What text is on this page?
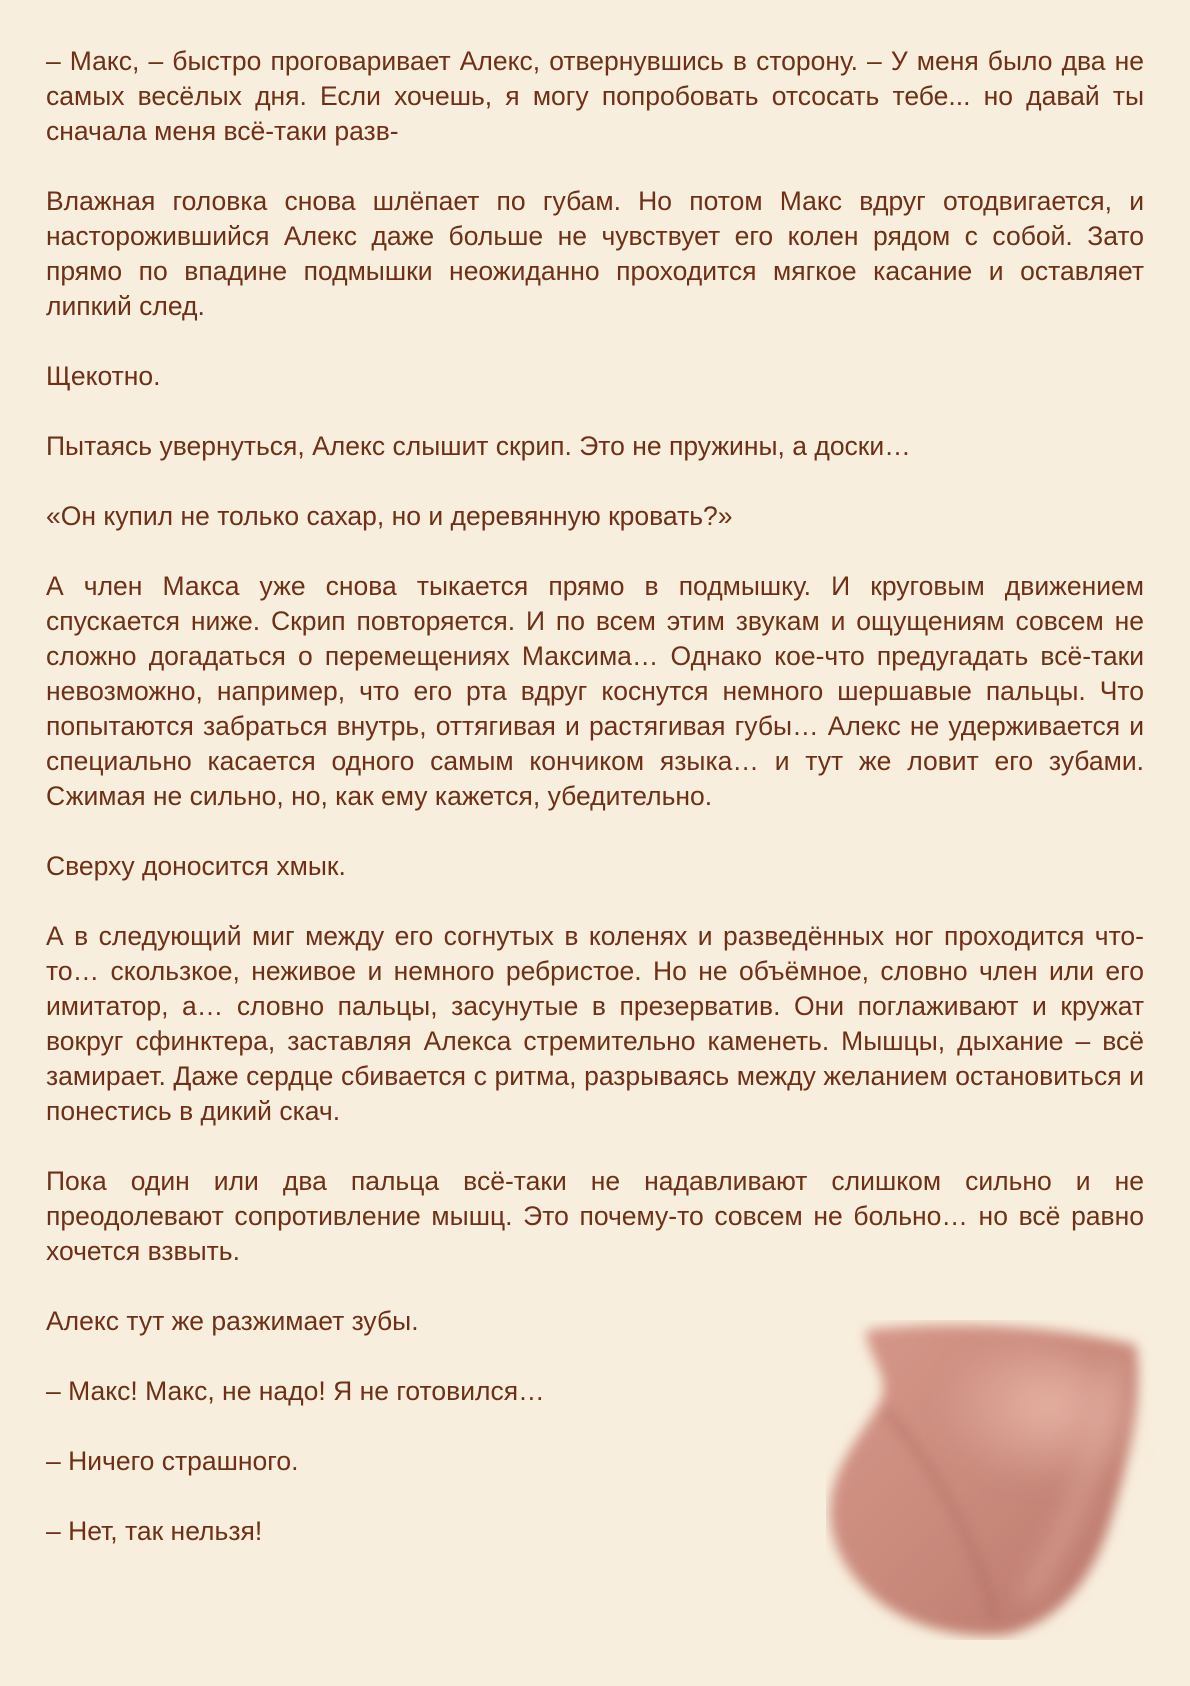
– Макс, – быстро проговаривает Алекс, отвернувшись в сторону. – У меня было два не самых весёлых дня. Если хочешь, я могу попробовать отсосать тебе... но давай ты сначала меня всё-таки разв-

Влажная головка снова шлёпает по губам. Но потом Макс вдруг отодвигается, и насторожившийся Алекс даже больше не чувствует его колен рядом с собой. Зато прямо по впадине подмышки неожиданно проходится мягкое касание и оставляет липкий след.

Щекотно.

Пытаясь увернуться, Алекс слышит скрип. Это не пружины, а доски…

«Он купил не только сахар, но и деревянную кровать?»

А член Макса уже снова тыкается прямо в подмышку. И круговым движением спускается ниже. Скрип повторяется. И по всем этим звукам и ощущениям совсем не сложно догадаться о перемещениях Максима… Однако кое-что предугадать всё-таки невозможно, например, что его рта вдруг коснутся немного шершавые пальцы. Что попытаются забраться внутрь, оттягивая и растягивая губы… Алекс не удерживается и специально касается одного самым кончиком языка… и тут же ловит его зубами. Сжимая не сильно, но, как ему кажется, убедительно.

Сверху доносится хмык.

А в следующий миг между его согнутых в коленях и разведённых ног проходится что-то… скользкое, неживое и немного ребристое. Но не объёмное, словно член или его имитатор, а… словно пальцы, засунутые в презерватив. Они поглаживают и кружат вокруг сфинктера, заставляя Алекса стремительно каменеть. Мышцы, дыхание – всё замирает. Даже сердце сбивается с ритма, разрываясь между желанием остановиться и понестись в дикий скач.

Пока один или два пальца всё-таки не надавливают слишком сильно и не преодолевают сопротивление мышц. Это почему-то совсем не больно… но всё равно хочется взвыть.

Алекс тут же разжимает зубы.

– Макс! Макс, не надо! Я не готовился…

– Ничего страшного.

– Нет, так нельзя!
